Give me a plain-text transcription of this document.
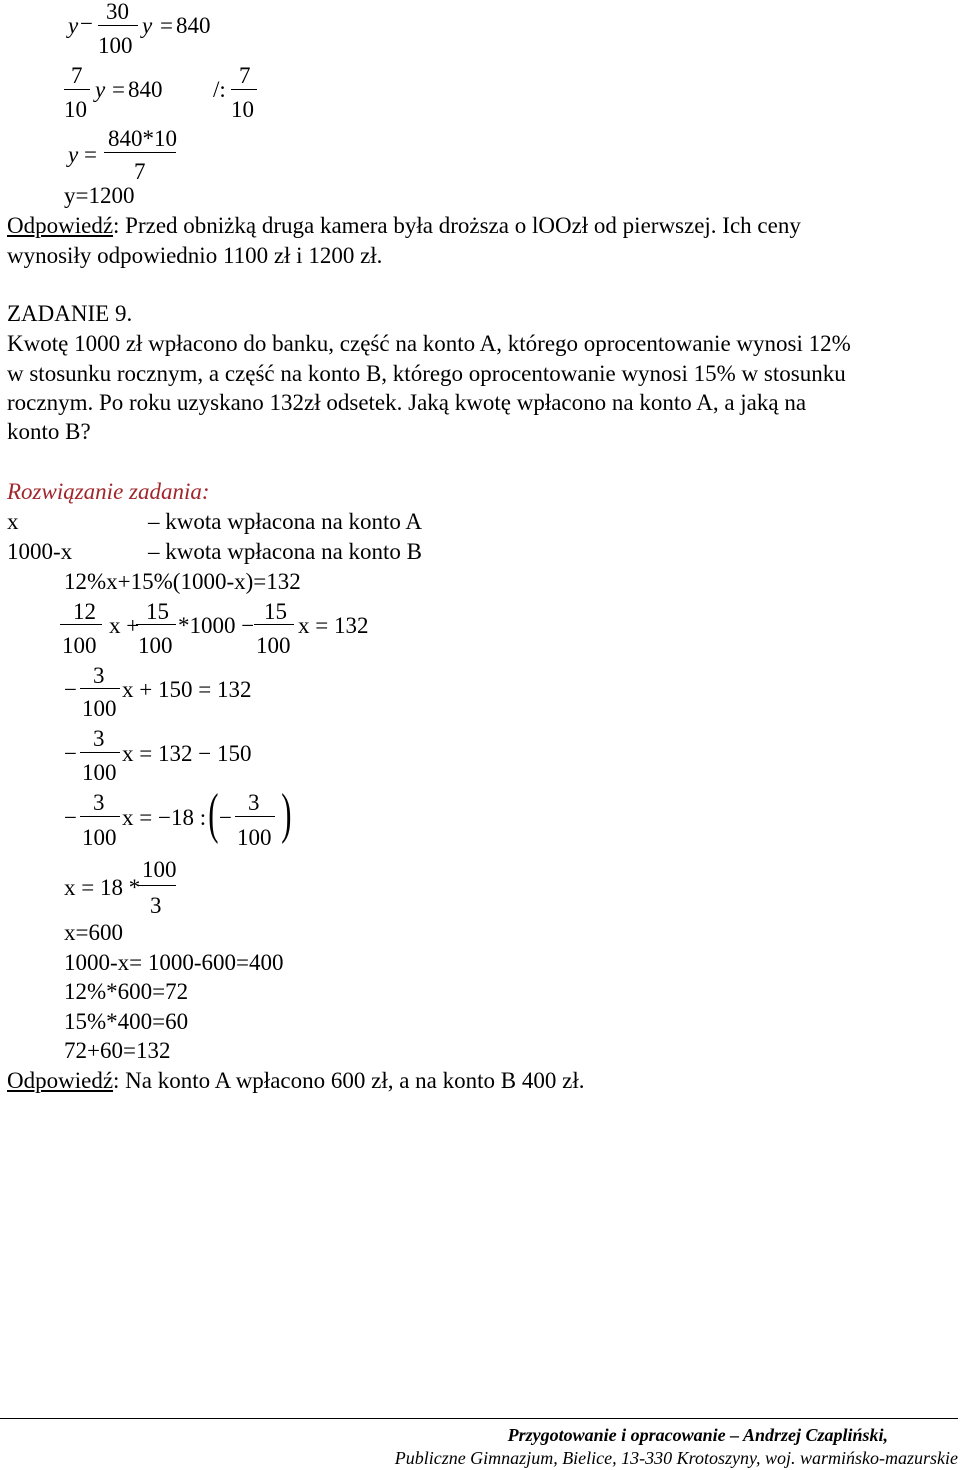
y − 30
100
y = 840
7
10
y = 840 /:
7
10
y =
840*10
7
y=1200
Odpowiedź: Przed obniżką druga kamera była droższa o lOOzł od pierwszej. Ich ceny
wynosiły odpowiednio 1100 zł i 1200 zł.
ZADANIE 9.
Kwotę 1000 zł wpłacono do banku, część na konto A, którego oprocentowanie wynosi 12%
w stosunku rocznym, a część na konto B, którego oprocentowanie wynosi 15% w stosunku
rocznym. Po roku uzyskano 132zł odsetek. Jaką kwotę wpłacono na konto A, a jaką na
konto B?
Rozwiązanie zadania:
x	– kwota wpłacona na konto A
1000-x	– kwota wpłacona na konto B
12%x+15%(1000-x)=132
12
100
x +
15
100
*1000 −
15
100
x = 132
−
3
100
x + 150 = 132
−
3
100
x = 132 − 150
−
3
100
x = −18 : ( −
3
100 )
x = 18 *
100
3
x=600
1000-x= 1000-600=400
12%*600=72
15%*400=60
72+60=132
Odpowiedź: Na konto A wpłacono 600 zł, a na konto B 400 zł.
Przygotowanie i opracowanie – Andrzej Czapliński,
Publiczne Gimnazjum, Bielice, 13-330 Krotoszyny, woj. warmińsko-mazurskie
